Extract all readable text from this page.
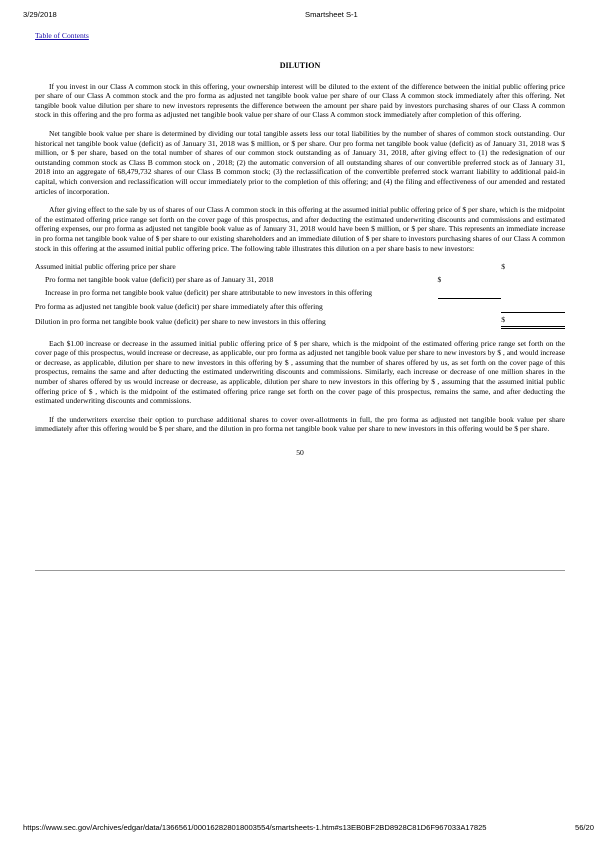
3/29/2018	Smartsheet S-1
Table of Contents
DILUTION

If you invest in our Class A common stock in this offering, your ownership interest will be diluted to the extent of the difference between the initial public offering price per share of our Class A common stock and the pro forma as adjusted net tangible book value per share of our Class A common stock immediately after this offering. Net tangible book value dilution per share to new investors represents the difference between the amount per share paid by investors purchasing shares of our Class A common stock in this offering and the pro forma as adjusted net tangible book value per share of our Class A common stock immediately after completion of this offering.

Net tangible book value per share is determined by dividing our total tangible assets less our total liabilities by the number of shares of common stock outstanding. Our historical net tangible book value (deficit) as of January 31, 2018 was $ million, or $ per share. Our pro forma net tangible book value (deficit) as of January 31, 2018 was $ million, or $ per share, based on the total number of shares of our common stock outstanding as of January 31, 2018, after giving effect to (1) the redesignation of our outstanding common stock as Class B common stock on , 2018; (2) the automatic conversion of all outstanding shares of our convertible preferred stock as of January 31, 2018 into an aggregate of 68,479,732 shares of our Class B common stock; (3) the reclassification of the convertible preferred stock warrant liability to additional paid-in capital, which conversion and reclassification will occur immediately prior to the completion of this offering; and (4) the filing and effectiveness of our amended and restated articles of incorporation.

After giving effect to the sale by us of shares of our Class A common stock in this offering at the assumed initial public offering price of $ per share, which is the midpoint of the estimated offering price range set forth on the cover page of this prospectus, and after deducting the estimated underwriting discounts and commissions and estimated offering expenses, our pro forma as adjusted net tangible book value as of January 31, 2018 would have been $ million, or $ per share. This represents an immediate increase in pro forma net tangible book value of $ per share to our existing shareholders and an immediate dilution of $ per share to investors purchasing shares of our Class A common stock in this offering at the assumed initial public offering price. The following table illustrates this dilution on a per share basis to new investors:

Assumed initial public offering price per share		$
Pro forma net tangible book value (deficit) per share as of January 31, 2018	$	
Increase in pro forma net tangible book value (deficit) per share attributable to new investors in this offering		
Pro forma as adjusted net tangible book value (deficit) per share immediately after this offering		
Dilution in pro forma net tangible book value (deficit) per share to new investors in this offering		$

Each $1.00 increase or decrease in the assumed initial public offering price of $ per share, which is the midpoint of the estimated offering price range set forth on the cover page of this prospectus, would increase or decrease, as applicable, our pro forma as adjusted net tangible book value per share to new investors by $ , and would increase or decrease, as applicable, dilution per share to new investors in this offering by $ , assuming that the number of shares offered by us, as set forth on the cover page of this prospectus, remains the same and after deducting the estimated underwriting discounts and commissions. Similarly, each increase or decrease of one million shares in the number of shares offered by us would increase or decrease, as applicable, dilution per share to new investors in this offering by $ , assuming that the assumed initial public offering price of $ , which is the midpoint of the estimated offering price range set forth on the cover page of this prospectus, remains the same, and after deducting the estimated underwriting discounts and commissions.

If the underwriters exercise their option to purchase additional shares to cover over-allotments in full, the pro forma as adjusted net tangible book value per share immediately after this offering would be $ per share, and the dilution in pro forma net tangible book value per share to new investors in this offering would be $ per share.

50
https://www.sec.gov/Archives/edgar/data/1366561/000162828018003554/smartsheets-1.htm#s13EB0BF2BD8928C81D6F967033A17825	56/20
